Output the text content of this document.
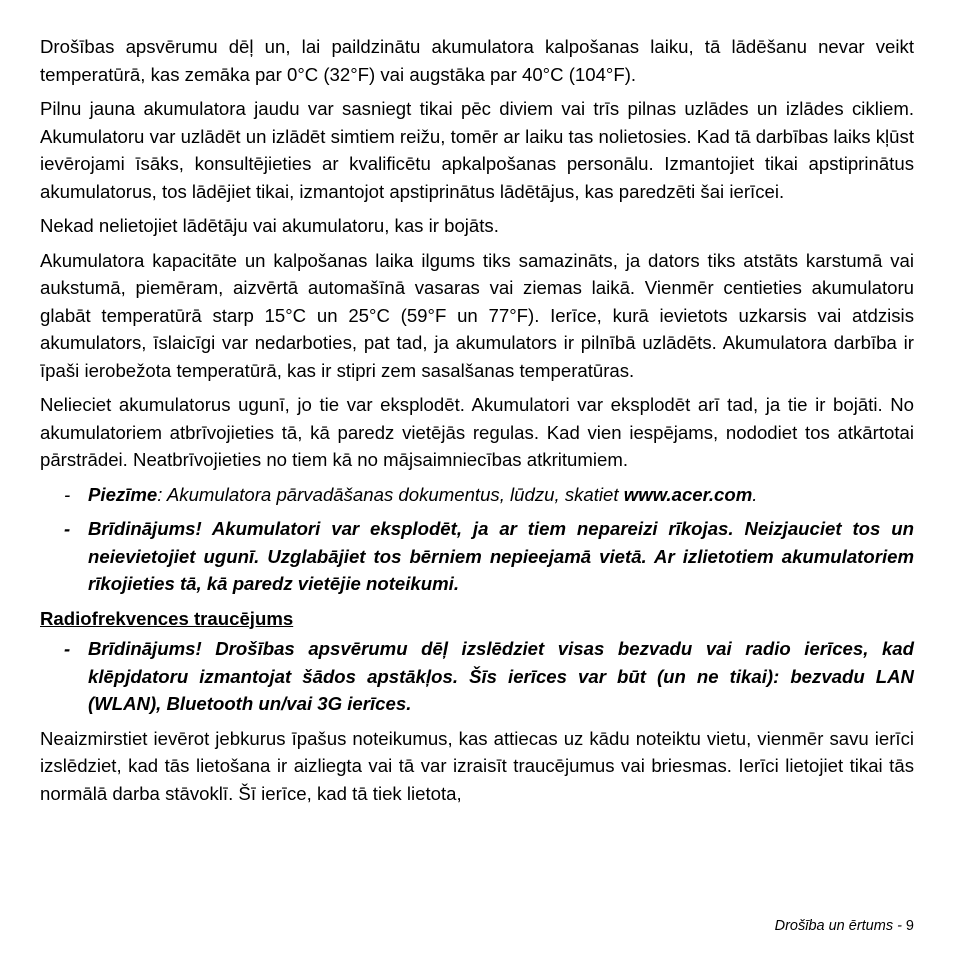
Drošības apsvērumu dēļ un, lai paildzinātu akumulatora kalpošanas laiku, tā lādēšanu nevar veikt temperatūrā, kas zemāka par 0°C (32°F) vai augstāka par 40°C (104°F).

Pilnu jauna akumulatora jaudu var sasniegt tikai pēc diviem vai trīs pilnas uzlādes un izlādes cikliem. Akumulatoru var uzlādēt un izlādēt simtiem reižu, tomēr ar laiku tas nolietosies. Kad tā darbības laiks kļūst ievērojami īsāks, konsultējieties ar kvalificētu apkalpošanas personālu. Izmantojiet tikai apstiprinātus akumulatorus, tos lādējiet tikai, izmantojot apstiprinātus lādētājus, kas paredzēti šai ierīcei.

Nekad nelietojiet lādētāju vai akumulatoru, kas ir bojāts.

Akumulatora kapacitāte un kalpošanas laika ilgums tiks samazināts, ja dators tiks atstāts karstumā vai aukstumā, piemēram, aizvērtā automašīnā vasaras vai ziemas laikā. Vienmēr centieties akumulatoru glabāt temperatūrā starp 15°C un 25°C (59°F un 77°F). Ierīce, kurā ievietots uzkarsis vai atdzisis akumulators, īslaicīgi var nedarboties, pat tad, ja akumulators ir pilnībā uzlādēts. Akumulatora darbība ir īpaši ierobežota temperatūrā, kas ir stipri zem sasalšanas temperatūras.

Nelieciet akumulatorus ugunī, jo tie var eksplodēt. Akumulatori var eksplodēt arī tad, ja tie ir bojāti. No akumulatoriem atbrīvojieties tā, kā paredz vietējās regulas. Kad vien iespējams, nododiet tos atkārtotai pārstrādei. Neatbrīvojieties no tiem kā no mājsaimniecības atkritumiem.

- Piezīme: Akumulatora pārvadāšanas dokumentus, lūdzu, skatiet www.acer.com.
- Brīdinājums! Akumulatori var eksplodēt, ja ar tiem nepareizi rīkojas. Neizjauciet tos un neievietojiet ugunī. Uzglabājiet tos bērniem nepieejamā vietā. Ar izlietotiem akumulatoriem rīkojieties tā, kā paredz vietējie noteikumi.
Radiofrekvences traucējums
- Brīdinājums! Drošības apsvērumu dēļ izslēdziet visas bezvadu vai radio ierīces, kad klēpjdatoru izmantojat šādos apstākļos. Šīs ierīces var būt (un ne tikai): bezvadu LAN (WLAN), Bluetooth un/vai 3G ierīces.

Neaizmirstiet ievērot jebkurus īpašus noteikumus, kas attiecas uz kādu noteiktu vietu, vienmēr savu ierīci izslēdziet, kad tās lietošana ir aizliegta vai tā var izraisīt traucējumus vai briesmas. Ierīci lietojiet tikai tās normālā darba stāvoklī. Šī ierīce, kad tā tiek lietota,

Drošība un ērtums - 9
